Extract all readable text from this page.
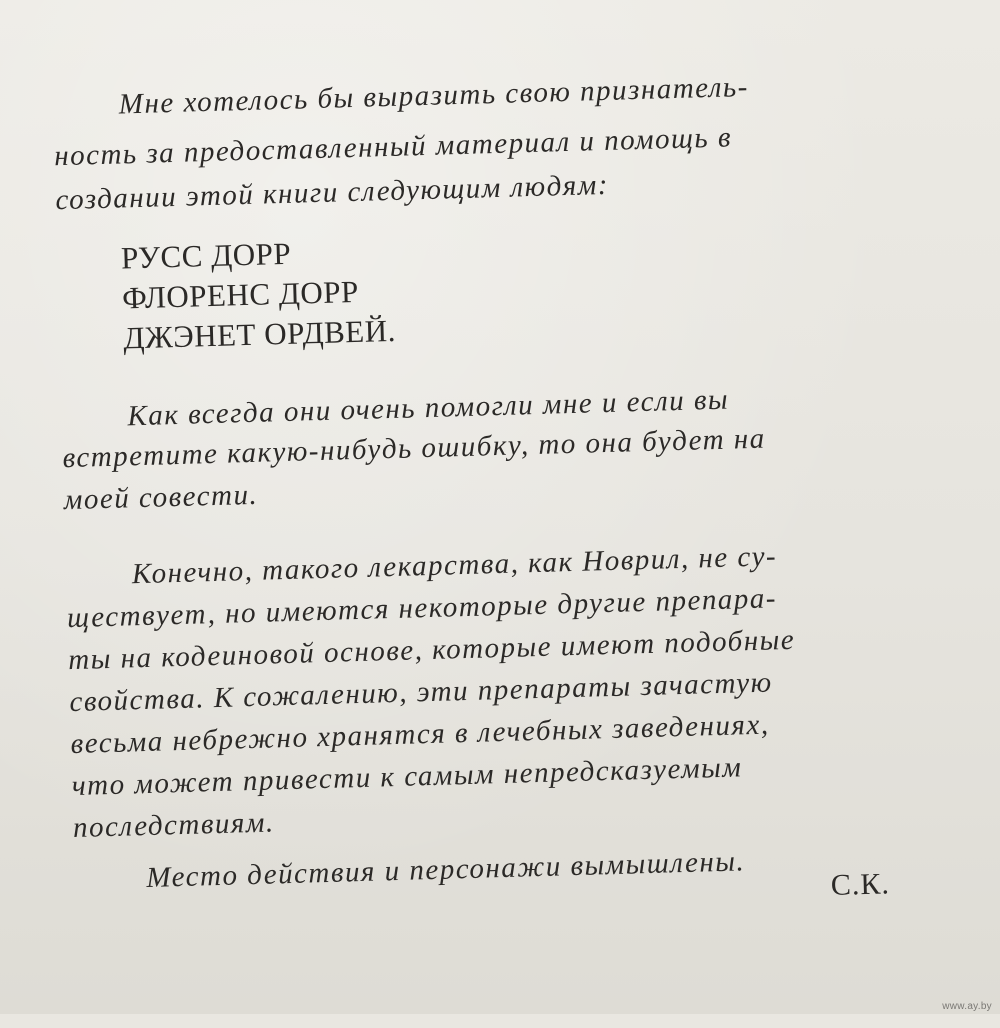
Мне хотелось бы выразить свою признатель-
ность за предоставленный материал и помощь в
создании этой книги следующим людям:
РУСС ДОРР
ФЛОРЕНС ДОРР
ДЖЭНЕТ ОРДВЕЙ.
Как всегда они очень помогли мне и если вы
встретите какую-нибудь ошибку, то она будет на
моей совести.
Конечно, такого лекарства, как Новрил, не су-
ществует, но имеются некоторые другие препара-
ты на кодеиновой основе, которые имеют подобные
свойства. К сожалению, эти препараты зачастую
весьма небрежно хранятся в лечебных заведениях,
что может привести к самым непредсказуемым
последствиям.
Место действия и персонажи вымышлены.	С.К.
www.ay.by
